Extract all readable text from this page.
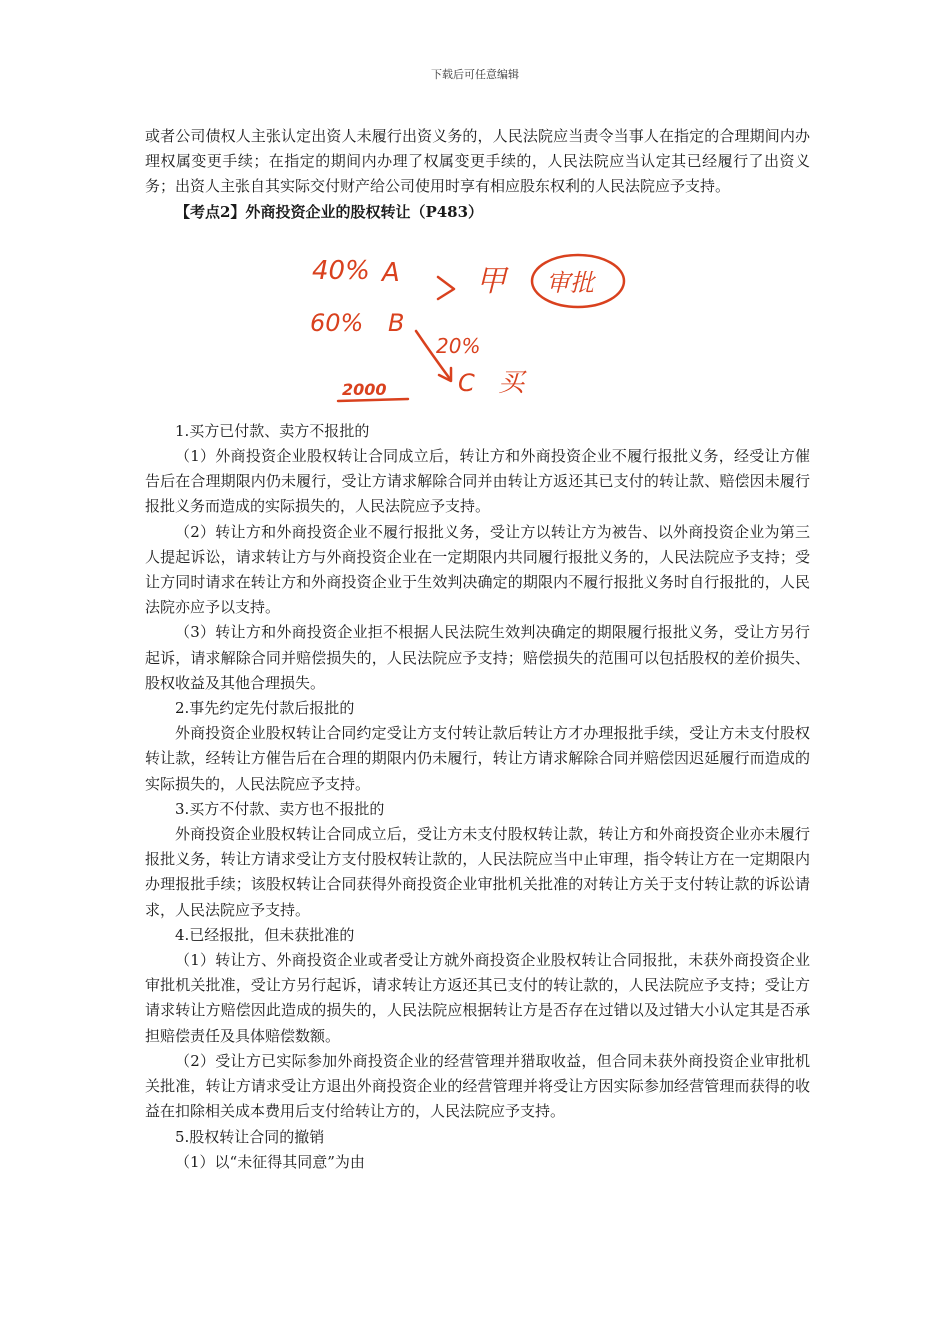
下载后可任意编辑

或者公司债权人主张认定出资人未履行出资义务的，人民法院应当责令当事人在指定的合理期间内办理权属变更手续；在指定的期间内办理了权属变更手续的，人民法院应当认定其已经履行了出资义务；出资人主张自其实际交付财产给公司使用时享有相应股东权利的人民法院应予支持。

【考点2】外商投资企业的股权转让（P483）

40% A	甲 审批
60% B
20%
C 买
2000

1.买方已付款、卖方不报批的

（1）外商投资企业股权转让合同成立后，转让方和外商投资企业不履行报批义务，经受让方催告后在合理期限内仍未履行，受让方请求解除合同并由转让方返还其已支付的转让款、赔偿因未履行报批义务而造成的实际损失的，人民法院应予支持。

（2）转让方和外商投资企业不履行报批义务，受让方以转让方为被告、以外商投资企业为第三人提起诉讼，请求转让方与外商投资企业在一定期限内共同履行报批义务的，人民法院应予支持；受让方同时请求在转让方和外商投资企业于生效判决确定的期限内不履行报批义务时自行报批的，人民法院亦应予以支持。

（3）转让方和外商投资企业拒不根据人民法院生效判决确定的期限履行报批义务，受让方另行起诉，请求解除合同并赔偿损失的，人民法院应予支持；赔偿损失的范围可以包括股权的差价损失、股权收益及其他合理损失。

2.事先约定先付款后报批的

外商投资企业股权转让合同约定受让方支付转让款后转让方才办理报批手续，受让方未支付股权转让款，经转让方催告后在合理的期限内仍未履行，转让方请求解除合同并赔偿因迟延履行而造成的实际损失的，人民法院应予支持。

3.买方不付款、卖方也不报批的

外商投资企业股权转让合同成立后，受让方未支付股权转让款，转让方和外商投资企业亦未履行报批义务，转让方请求受让方支付股权转让款的，人民法院应当中止审理，指令转让方在一定期限内办理报批手续；该股权转让合同获得外商投资企业审批机关批准的对转让方关于支付转让款的诉讼请求，人民法院应予支持。

4.已经报批，但未获批准的

（1）转让方、外商投资企业或者受让方就外商投资企业股权转让合同报批，未获外商投资企业审批机关批准，受让方另行起诉，请求转让方返还其已支付的转让款的，人民法院应予支持；受让方请求转让方赔偿因此造成的损失的，人民法院应根据转让方是否存在过错以及过错大小认定其是否承担赔偿责任及具体赔偿数额。

（2）受让方已实际参加外商投资企业的经营管理并猎取收益，但合同未获外商投资企业审批机关批准，转让方请求受让方退出外商投资企业的经营管理并将受让方因实际参加经营管理而获得的收益在扣除相关成本费用后支付给转让方的，人民法院应予支持。

5.股权转让合同的撤销

（1）以“未征得其同意”为由
